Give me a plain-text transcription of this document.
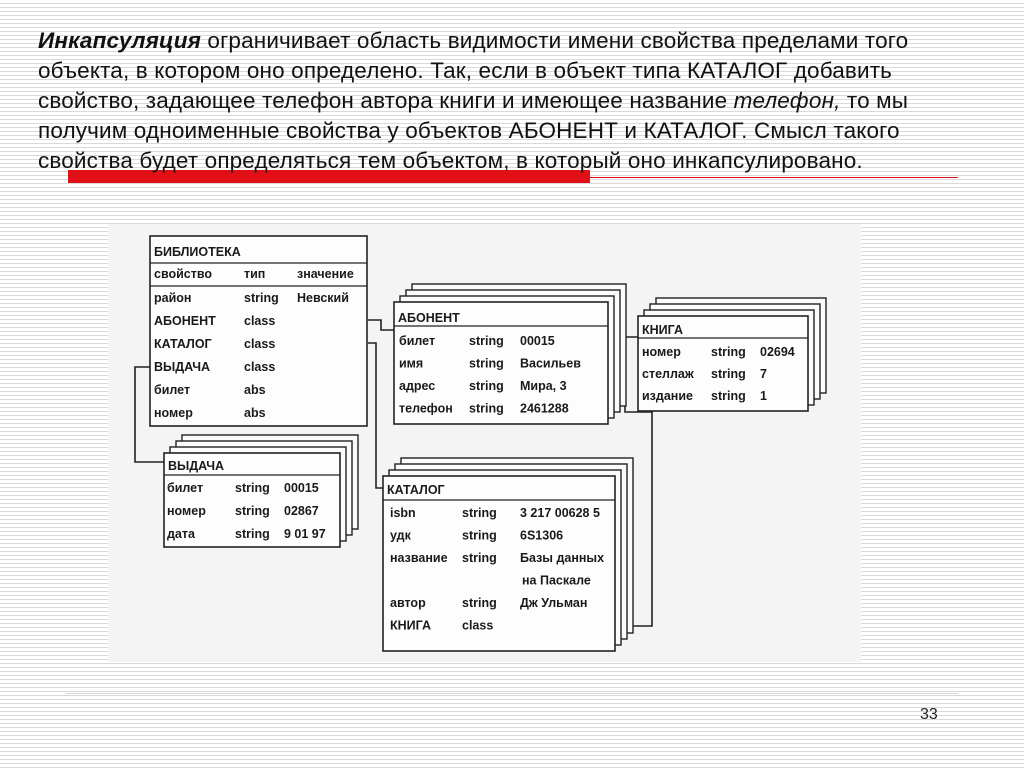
Инкапсуляция ограничивает область видимости имени свойства пределами того объекта, в котором оно определено. Так, если в объект типа КАТАЛОГ добавить свойство, задающее телефон автора книги и имеющее название телефон, то мы получим одноименные свойства у объектов АБОНЕНТ и КАТАЛОГ. Смысл такого свойства будет определяться тем объектом, в который оно инкапсулировано.
БИБЛИОТЕКА
свойство	тип	значение
район	string Невский
АБОНЕНТ class
КАТАЛОГ	class
ВЫДАЧА	class
билет	abs
номер	abs
АБОНЕНТ
билет	string 00015
имя	string Васильев
адрес	string Мира, 3
телефон string 2461288
КНИГА
номер string 02694
стеллаж string 7
издание string 1
ВЫДАЧА
билет	string 00015
номер string 02867
дата	string 9 01 97
КАТАЛОГ
isbn	string 3 217 00628 5
удк	string 6S1306
название string Базы данных
на Паскале
автор	string Дж Ульман
КНИГА class
33
